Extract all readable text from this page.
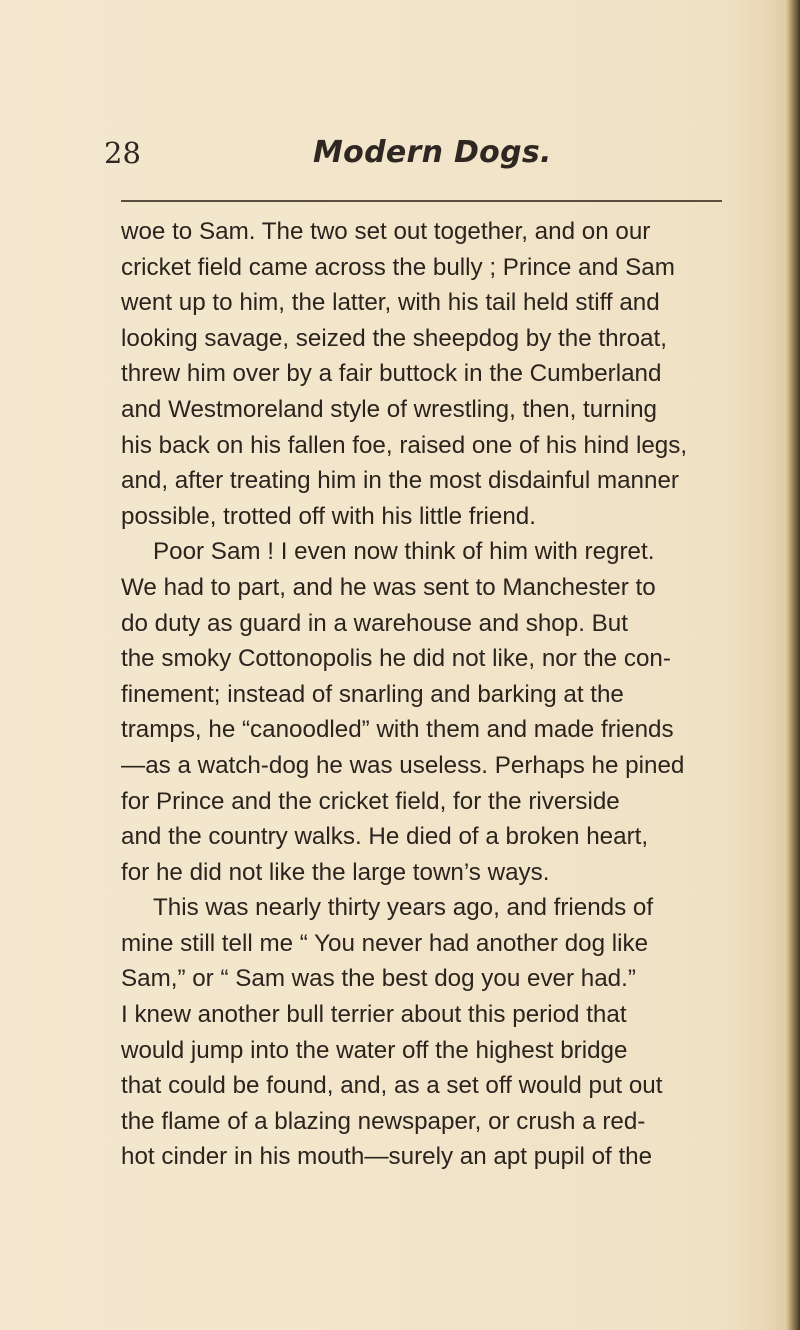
28	Modern Dogs.
woe to Sam. The two set out together, and on our
cricket field came across the bully ; Prince and Sam
went up to him, the latter, with his tail held stiff and
looking savage, seized the sheepdog by the throat,
threw him over by a fair buttock in the Cumberland
and Westmoreland style of wrestling, then, turning
his back on his fallen foe, raised one of his hind legs,
and, after treating him in the most disdainful manner
possible, trotted off with his little friend.
Poor Sam ! I even now think of him with regret.
We had to part, and he was sent to Manchester to
do duty as guard in a warehouse and shop. But
the smoky Cottonopolis he did not like, nor the con-
finement; instead of snarling and barking at the
tramps, he “canoodled” with them and made friends
—as a watch-dog he was useless. Perhaps he pined
for Prince and the cricket field, for the riverside
and the country walks. He died of a broken heart,
for he did not like the large town’s ways.
This was nearly thirty years ago, and friends of
mine still tell me “ You never had another dog like
Sam,” or “ Sam was the best dog you ever had.”
I knew another bull terrier about this period that
would jump into the water off the highest bridge
that could be found, and, as a set off would put out
the flame of a blazing newspaper, or crush a red-
hot cinder in his mouth—surely an apt pupil of the
